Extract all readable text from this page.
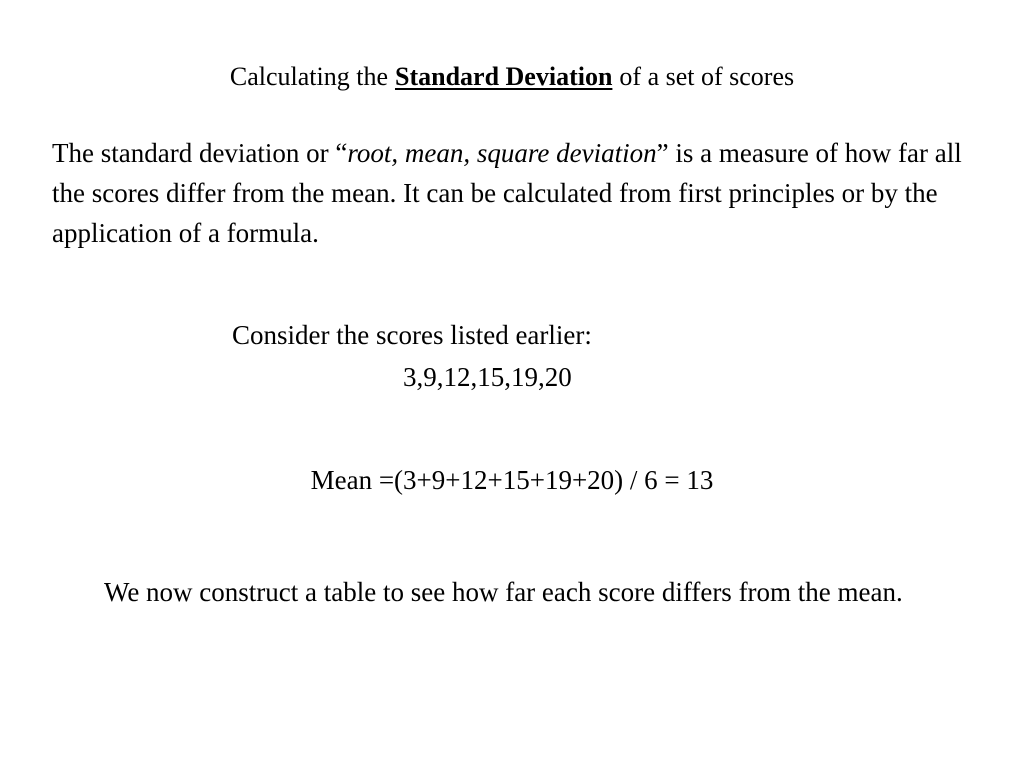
Calculating the Standard Deviation of a set of scores
The standard deviation or “root, mean, square deviation” is a measure of how far all the scores differ from the mean. It can be calculated from first principles or by the application of a formula.
Consider the scores listed earlier:
3,9,12,15,19,20
Mean =(3+9+12+15+19+20) / 6 = 13
We now construct a table to see how far each score differs from the mean.
